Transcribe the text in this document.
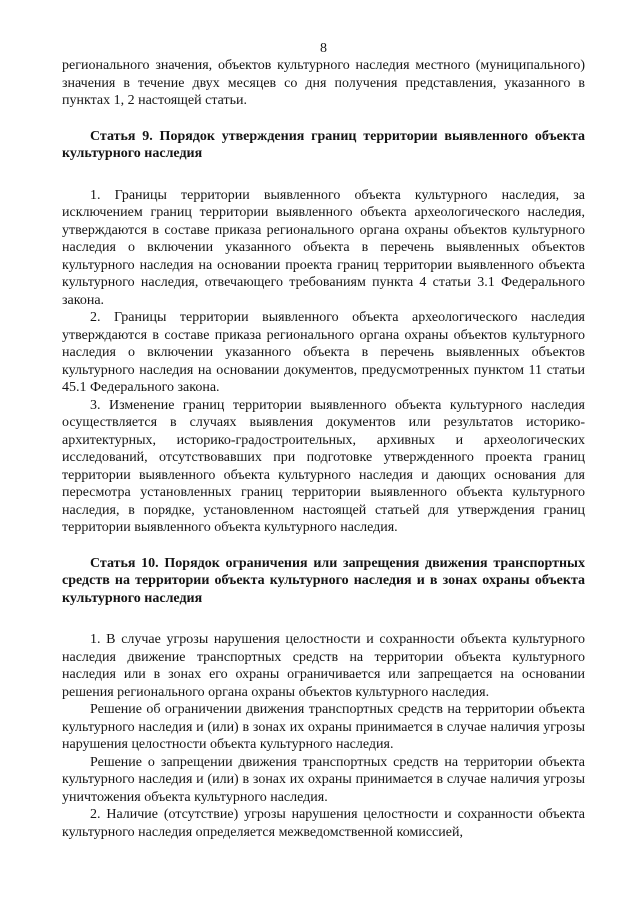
8

регионального значения, объектов культурного наследия местного (муниципального) значения в течение двух месяцев со дня получения представления, указанного в пунктах 1, 2 настоящей статьи.

Статья 9. Порядок утверждения границ территории выявленного объекта культурного наследия

1. Границы территории выявленного объекта культурного наследия, за исключением границ территории выявленного объекта археологического наследия, утверждаются в составе приказа регионального органа охраны объектов культурного наследия о включении указанного объекта в перечень выявленных объектов культурного наследия на основании проекта границ территории выявленного объекта культурного наследия, отвечающего требованиям пункта 4 статьи 3.1 Федерального закона.

2. Границы территории выявленного объекта археологического наследия утверждаются в составе приказа регионального органа охраны объектов культурного наследия о включении указанного объекта в перечень выявленных объектов культурного наследия на основании документов, предусмотренных пунктом 11 статьи 45.1 Федерального закона.

3. Изменение границ территории выявленного объекта культурного наследия осуществляется в случаях выявления документов или результатов историко-архитектурных, историко-градостроительных, архивных и археологических исследований, отсутствовавших при подготовке утвержденного проекта границ территории выявленного объекта культурного наследия и дающих основания для пересмотра установленных границ территории выявленного объекта культурного наследия, в порядке, установленном настоящей статьей для утверждения границ территории выявленного объекта культурного наследия.

Статья 10. Порядок ограничения или запрещения движения транспортных средств на территории объекта культурного наследия и в зонах охраны объекта культурного наследия

1. В случае угрозы нарушения целостности и сохранности объекта культурного наследия движение транспортных средств на территории объекта культурного наследия или в зонах его охраны ограничивается или запрещается на основании решения регионального органа охраны объектов культурного наследия.

Решение об ограничении движения транспортных средств на территории объекта культурного наследия и (или) в зонах их охраны принимается в случае наличия угрозы нарушения целостности объекта культурного наследия.

Решение о запрещении движения транспортных средств на территории объекта культурного наследия и (или) в зонах их охраны принимается в случае наличия угрозы уничтожения объекта культурного наследия.

2. Наличие (отсутствие) угрозы нарушения целостности и сохранности объекта культурного наследия определяется межведомственной комиссией,
